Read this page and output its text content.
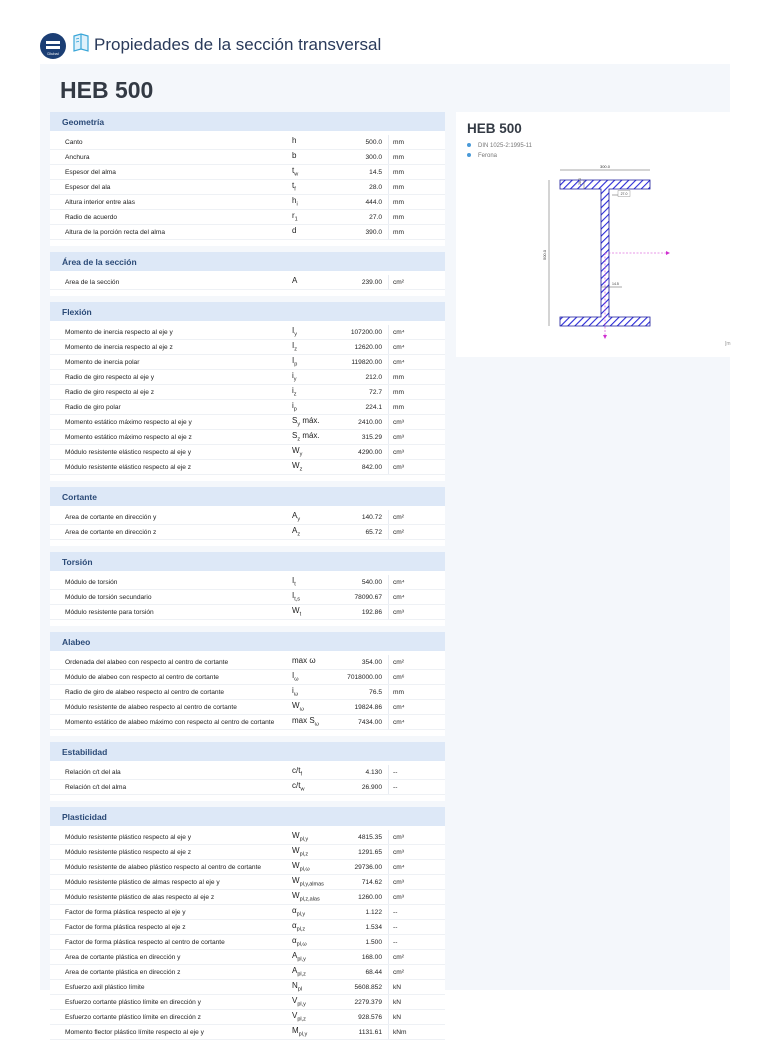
Dlubal Propiedades de la sección transversal
HEB 500
Geometría
Canto	h	500.0	mm
Anchura	b	300.0	mm
Espesor del alma	$t_w$	14.5	mm
Espesor del ala	$t_f$	28.0	mm
Altura interior entre alas	$h_i$	444.0	mm
Radio de acuerdo	$r_1$	27.0	mm
Altura de la porción recta del alma	d	390.0	mm
Área de la sección
Área de la sección	A	239.00	cm²
Flexión
Momento de inercia respecto al eje y	$I_y$	107200.00	cm⁴
Momento de inercia respecto al eje z	$I_z$	12620.00	cm⁴
Momento de inercia polar	$I_p$	119820.00	cm⁴
Radio de giro respecto al eje y	$i_y$	212.0	mm
Radio de giro respecto al eje z	$i_z$	72.7	mm
Radio de giro polar	$i_p$	224.1	mm
Momento estático máximo respecto al eje y	$S_y$ máx.	2410.00	cm³
Momento estático máximo respecto al eje z	$S_z$ máx.	315.29	cm³
Módulo resistente elástico respecto al eje y	$W_y$	4290.00	cm³
Módulo resistente elástico respecto al eje z	$W_z$	842.00	cm³
Cortante
Área de cortante en dirección y	$A_y$	140.72	cm²
Área de cortante en dirección z	$A_z$	65.72	cm²
Torsión
Módulo de torsión	$I_t$	540.00	cm⁴
Módulo de torsión secundario	$I_{t,s}$	78090.67	cm⁴
Módulo resistente para torsión	$W_t$	192.86	cm³
Alabeo
Ordenada del alabeo con respecto al centro de cortante	max ω	354.00	cm²
Módulo de alabeo con respecto al centro de cortante	$I_\omega$	7018000.00	cm⁶
Radio de giro de alabeo respecto al centro de cortante	$i_\omega$	76.5	mm
Módulo resistente de alabeo respecto al centro de cortante	$W_\omega$	19824.86	cm⁴
Momento estático de alabeo máximo con respecto al centro de cortante	$\max S_\omega$	7434.00	cm⁴
Estabilidad
Relación c/t del ala	$c/t_f$	4.130	--
Relación c/t del alma	$c/t_w$	26.900	--
Plasticidad
Módulo resistente plástico respecto al eje y	$W_{pl,y}$	4815.35	cm³
Módulo resistente plástico respecto al eje z	$W_{pl,z}$	1291.65	cm³
Módulo resistente de alabeo plástico respecto al centro de cortante	$W_{pl,\omega}$	29736.00	cm⁴
Módulo resistente plástico de almas respecto al eje y	$W_{pl,y,almas}$	714.62	cm³
Módulo resistente plástico de alas respecto al eje z	$W_{pl,z,alas}$	1260.00	cm³
Factor de forma plástica respecto al eje y	$\alpha_{pl,y}$	1.122	--
Factor de forma plástica respecto al eje z	$\alpha_{pl,z}$	1.534	--
Factor de forma plástica respecto al centro de cortante	$\alpha_{pl,\omega}$	1.500	--
Área de cortante plástica en dirección y	$A_{pl,y}$	168.00	cm²
Área de cortante plástica en dirección z	$A_{pl,z}$	68.44	cm²
Esfuerzo axil plástico límite	$N_{pl}$	5608.852	kN
Esfuerzo cortante plástico límite en dirección y	$V_{pl,y}$	2279.379	kN
Esfuerzo cortante plástico límite en dirección z	$V_{pl,z}$	928.576	kN
Momento flector plástico límite respecto al eje y	$M_{pl,y}$	1131.61	kNm
HEB 500
DIN 1025-2:1995-11
Ferona
300.0
500.0
28.0
27.0
14.5
[m
